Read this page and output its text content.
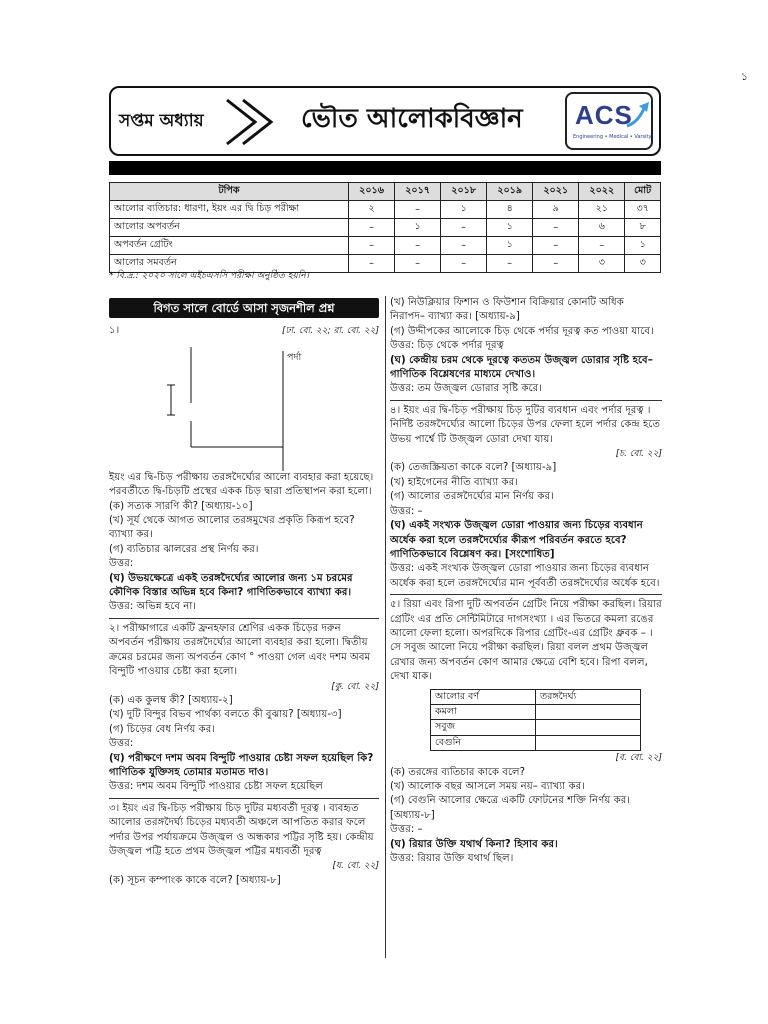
১
সপ্তম অধ্যায়	ভৌত আলোকবিজ্ঞান ACS
Engineering • Medical • Varsity
টপিক	২০১৬	২০১৭	২০১৮	২০১৯	২০২১	২০২২	মোট
আলোর ব্যতিচার: ধারণা, ইয়ং এর দ্বি চিড় পরীক্ষা	২	–	১	৪	৯	২১	৩৭
আলোর অপবর্তন	–	১	–	১	–	৬	৮
অপবর্তন গ্রেটিং	–	–	–	১	–	–	১
আলোর সমবর্তন	–	–	–	–	–	৩	৩
* বি.দ্র.: ২০২০ সালে এইচএসসি পরীক্ষা অনুষ্ঠিত হয়নি।
বিগত সালে বোর্ডে আসা সৃজনশীল প্রশ্ন
১।	[ঢা. বো. ২২; রা. বো. ২২]
পর্দা

ইয়ং এর দ্বি-চিড় পরীক্ষায় তরঙ্গদৈর্ঘ্যের আলো ব্যবহার করা হয়েছে। পরবর্তীতে দ্বি-চিড়টি প্রস্থের একক চিড় দ্বারা প্রতিস্থাপন করা হলো।

(ক) সত্যক সারণি কী? [অধ্যায়-১০]

(খ) সূর্য থেকে আগত আলোর তরঙ্গমুখের প্রকৃতি কিরূপ হবে? ব্যাখ্যা কর।

(গ) ব্যতিচার ঝালরের প্রস্থ নির্ণয় কর।

উত্তর:

(ঘ) উভয়ক্ষেত্রে একই তরঙ্গদৈর্ঘ্যের আলোর জন্য ১ম চরমের কৌণিক বিস্তার অভিন্ন হবে কিনা? গাণিতিকভাবে ব্যাখ্যা কর।

উত্তর: অভিন্ন হবে না।

২। পরীক্ষাগারে একটি ফ্রনহফার শ্রেণির একক চিড়ের দরুন অপবর্তন পরীক্ষায় তরঙ্গদৈর্ঘ্যের আলো ব্যবহার করা হলো। দ্বিতীয় ক্রমের চরমের জন্য অপবর্তন কোণ ° পাওয়া গেল এবং দশম অবম বিন্দুটি পাওয়ার চেষ্টা করা হলো।

[কু. বো. ২২]

(ক) এক কুলম্ব কী? [অধ্যায়-২]

(খ) দুটি বিন্দুর বিভব পার্থক্য বলতে কী বুঝায়? [অধ্যায়-৩]

(গ) চিড়ের বেধ নির্ণয় কর।

উত্তর:

(ঘ) পরীক্ষণে দশম অবম বিন্দুটি পাওয়ার চেষ্টা সফল হয়েছিল কি? গাণিতিক যুক্তিসহ তোমার মতামত দাও।

উত্তর: দশম অবম বিন্দুটি পাওয়ার চেষ্টা সফল হয়েছিল

৩। ইয়ং এর দ্বি-চিড় পরীক্ষায় চিড় দুটির মধ্যবর্তী দূরত্ব । ব্যবহৃত আলোর তরঙ্গদৈর্ঘ্য চিড়ের মধ্যবর্তী অঞ্চলে আপতিত করার ফলে পর্দার উপর পর্যায়ক্রমে উজ্জ্বল ও অন্ধকার পট্টির সৃষ্টি হয়। কেন্দ্রীয় উজ্জ্বল পট্টি হতে প্রথম উজ্জ্বল পট্টির মধ্যবর্তী দূরত্ব

[য. বো. ২২]

(ক) সূচন কম্পাংক কাকে বলে? [অধ্যায়-৮]

(খ) নিউক্লিয়ার ফিশান ও ফিউশান বিক্রিয়ার কোনটি অধিক নিরাপদ– ব্যাখ্যা কর। [অধ্যায়-৯]

(গ) উদ্দীপকের আলোকে চিড় থেকে পর্দার দূরত্ব কত পাওয়া যাবে।

উত্তর: চিড় থেকে পর্দার দূরত্ব

(ঘ) কেন্দ্রীয় চরম থেকে দূরত্বে কততম উজ্জ্বল ডোরার সৃষ্টি হবে– গাণিতিক বিশ্লেষণের মাধ্যমে দেখাও।

উত্তর: তম উজ্জ্বল ডোরার সৃষ্টি করে।

৪। ইয়ং এর দ্বি-চিড় পরীক্ষায় চিড় দুটির ব্যবধান এবং পর্দার দূরত্ব । নির্দিষ্ট তরঙ্গদৈর্ঘ্যের আলো চিড়ের উপর ফেলা হলে পর্দার কেন্দ্র হতে উভয় পার্শ্বে টি উজ্জ্বল ডোরা দেখা যায়।

[চ. বো. ২২]

(ক) তেজস্ক্রিয়তা কাকে বলে? [অধ্যায়-৯]

(খ) হাইগেনের নীতি ব্যাখ্যা কর।

(গ) আলোর তরঙ্গদৈর্ঘ্যের মান নির্ণয় কর।

উত্তর: –

(ঘ) একই সংখ্যক উজ্জ্বল ডোরা পাওয়ার জন্য চিড়ের ব্যবধান অর্ধেক করা হলে তরঙ্গদৈর্ঘ্যের কীরূপ পরিবর্তন করতে হবে? গাণিতিকভাবে বিশ্লেষণ কর। [সংশোধিত]

উত্তর: একই সংখ্যক উজ্জ্বল ডোরা পাওয়ার জন্য চিড়ের ব্যবধান অর্ধেক করা হলে তরঙ্গদৈর্ঘ্যের মান পূর্ববর্তী তরঙ্গদৈর্ঘ্যের অর্ধেক হবে।

৫। রিয়া এবং রিপা দুটি অপবর্তন গ্রেটিং নিয়ে পরীক্ষা করছিল। রিয়ার গ্রেটিং এর প্রতি সেন্টিমিটারে দাগসংখ্যা । এর ভিতরে কমলা রঙের আলো ফেলা হলো। অপরদিকে রিপার গ্রেটিং-এর গ্রেটিং ধ্রুবক – । সে সবুজ আলো নিয়ে পরীক্ষা করছিল। রিয়া বলল প্রথম উজ্জ্বল রেখার জন্য অপবর্তন কোণ আমার ক্ষেত্রে বেশি হবে। রিপা বলল, দেখা যাক।

আলোর বর্ণ	তরঙ্গদৈর্ঘ্য
কমলা	
সবুজ	
বেগুনি	

[ব. বো. ২২]

(ক) তরঙ্গের ব্যতিচার কাকে বলে?

(খ) আলোক বছর আসলে সময় নয়– ব্যাখ্যা কর।

(গ) বেগুনি আলোর ক্ষেত্রে একটি ফোটনের শক্তি নির্ণয় কর। [অধ্যায়-৮]

উত্তর: –

(ঘ) রিয়ার উক্তি যথার্থ কিনা? হিসাব কর।

উত্তর: রিয়ার উক্তি যথার্থ ছিল।
